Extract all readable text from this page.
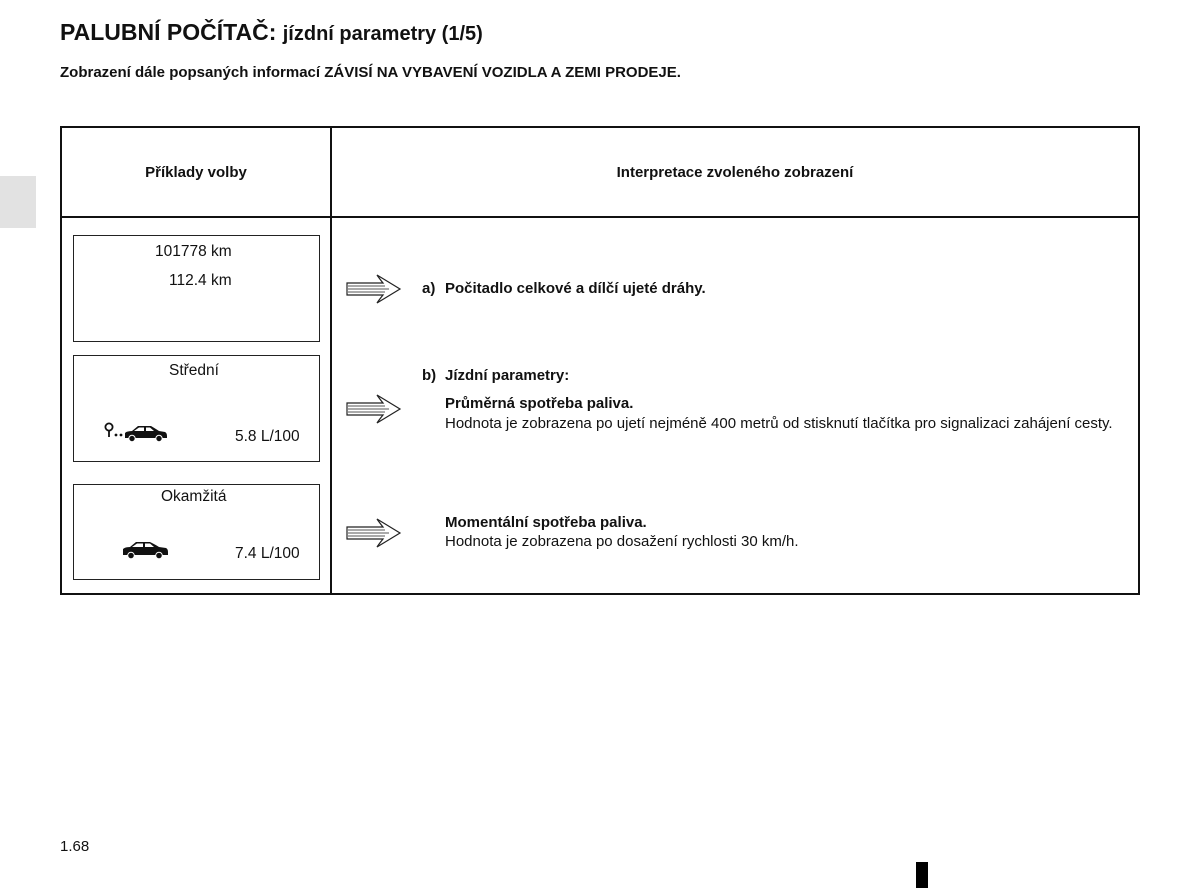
PALUBNÍ POČÍTAČ: jízdní parametry (1/5)
Zobrazení dále popsaných informací ZÁVISÍ NA VYBAVENÍ VOZIDLA A ZEMI PRODEJE.
Příklady volby	Interpretace zvoleného zobrazení
101778 km
112.4 km
Střední
5.8 L/100
Okamžitá
7.4 L/100
a) Počitadlo celkové a dílčí ujeté dráhy.
b) Jízdní parametry:
Průměrná spotřeba paliva.
Hodnota je zobrazena po ujetí nejméně 400 metrů od stisknutí tlačítka pro signalizaci zahájení cesty.
Momentální spotřeba paliva.
Hodnota je zobrazena po dosažení rychlosti 30 km/h.
1.68
